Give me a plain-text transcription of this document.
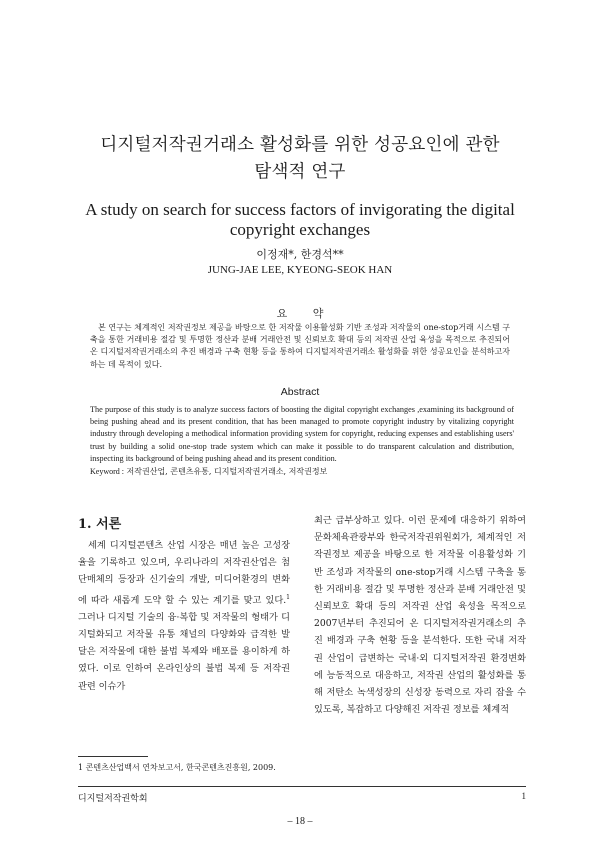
디지털저작권거래소 활성화를 위한 성공요인에 관한
탐색적 연구
A study on search for success factors of invigorating the digital
copyright exchanges
이정재*, 한경석**
JUNG-JAE LEE, KYEONG-SEOK HAN
요 약
본 연구는 체계적인 저작권정보 제공을 바탕으로 한 저작물 이용활성화 기반 조성과 저작물의 one-stop거래 시스템 구축을 통한 거래비용 절감 및 투명한 정산과 분배 거래안전 및 신뢰보호 확대 등의 저작권 산업 육성을 목적으로 추진되어 온 디지털저작권거래소의 추진 배경과 구축 현황 등을 통하여 디지털저작권거래소 활성화를 위한 성공요인을 분석하고자하는 데 목적이 있다.
Abstract
The purpose of this study is to analyze success factors of boosting the digital copyright exchanges ,examining its background of being pushing ahead and its present condition, that has been managed to promote copyright industry by vitalizing copyright industry through developing a methodical information providing system for copyright, reducing expenses and establishing users' trust by building a solid one-stop trade system which can make it possible to do transparent calculation and distribution, inspecting its background of being pushing ahead and its present condition.
Keyword : 저작권산업, 콘텐츠유통, 디지털저작권거래소, 저작권정보
1. 서론
세계 디지털콘텐츠 산업 시장은 매년 높은 고성장율을 기록하고 있으며, 우리나라의 저작권산업은 첨단매체의 등장과 신기술의 개발, 미디어환경의 변화에 따라 새롭게 도약 할 수 있는 계기를 맞고 있다.$^1$ 그러나 디지털 기술의 융·복합 및 저작물의 형태가 디지털화되고 저작물 유통 채널의 다양화와 급격한 발달은 저작물에 대한 불법 복제와 배포를 용이하게 하였다. 이로 인하여 온라인상의 불법 복제 등 저작권 관련 이슈가
최근 급부상하고 있다. 이런 문제에 대응하기 위하여 문화체육관광부와 한국저작권위원회가, 체계적인 저작권정보 제공을 바탕으로 한 저작물 이용활성화 기반 조성과 저작물의 one-stop거래 시스템 구축을 통한 거래비용 절감 및 투명한 정산과 분배 거래안전 및 신뢰보호 확대 등의 저작권 산업 육성을 목적으로 2007년부터 추진되어 온 디지털저작권거래소의 추진 배경과 구축 현황 등을 분석한다. 또한 국내 저작권 산업이 급변하는 국내·외 디지털저작권 환경변화에 능동적으로 대응하고, 저작권 산업의 활성화를 통해 저탄소 녹색성장의 신성장 동력으로 자리 잡을 수 있도록, 복잡하고 다양해진 저작권 정보를 체계적
1 콘텐츠산업백서 연차보고서, 한국콘텐츠진흥원, 2009.
디지털저작권학회	1
– 18 –
